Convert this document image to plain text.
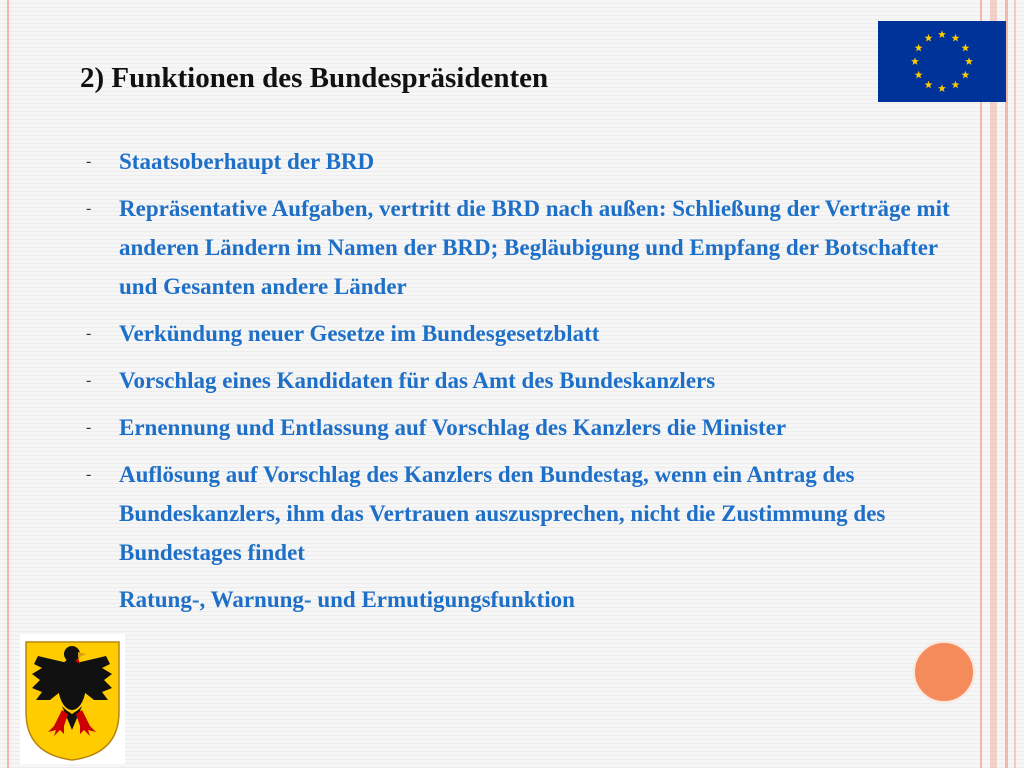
2) Funktionen des Bundespräsidenten
-	Staatsoberhaupt der BRD
-	Repräsentative Aufgaben, vertritt die BRD nach außen: Schließung der Verträge mit anderen Ländern im Namen der BRD; Begläubigung und Empfang der Botschafter und Gesanten andere Länder
-	Verkündung neuer Gesetze im Bundesgesetzblatt
-	Vorschlag eines Kandidaten für das Amt des Bundeskanzlers
-	Ernennung und Entlassung auf Vorschlag des Kanzlers die Minister
-	Auflösung auf Vorschlag des Kanzlers den Bundestag, wenn ein Antrag des Bundeskanzlers, ihm das Vertrauen auszusprechen, nicht die Zustimmung des Bundestages findet
Ratung-, Warnung- und Ermutigungsfunktion
